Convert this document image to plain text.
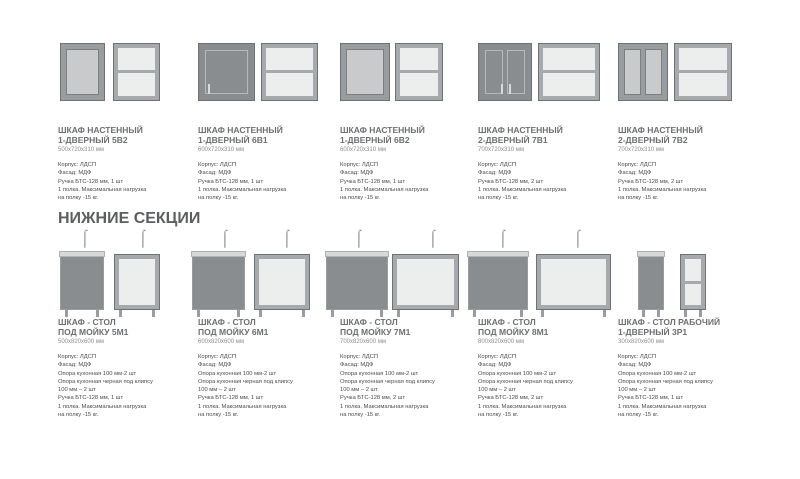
ШКАФ НАСТЕННЫЙ
1-ДВЕРНЫЙ 5В2
500х720х310 мм
Корпус: ЛДСП
Фасад: МДФ
Ручка БТС-128 мм, 1 шт
1 полка. Максимальная нагрузка
на полку -15 кг.
ШКАФ НАСТЕННЫЙ
1-ДВЕРНЫЙ 6В1
600х720х310 мм
Корпус: ЛДСП
Фасад: МДФ
Ручка БТС-128 мм, 1 шт
1 полка. Максимальная нагрузка
на полку -15 кг.
ШКАФ НАСТЕННЫЙ
1-ДВЕРНЫЙ 6В2
600х720х310 мм
Корпус: ЛДСП
Фасад: МДФ
Ручка БТС-128 мм, 1 шт
1 полка. Максимальная нагрузка
на полку -15 кг.
ШКАФ НАСТЕННЫЙ
2-ДВЕРНЫЙ 7В1
700х720х310 мм
Корпус: ЛДСП
Фасад: МДФ
Ручка БТС-128 мм, 2 шт
1 полка. Максимальная нагрузка
на полку -15 кг.
ШКАФ НАСТЕННЫЙ
2-ДВЕРНЫЙ 7В2
700х720х310 мм
Корпус: ЛДСП
Фасад: МДФ
Ручка БТС-128 мм, 2 шт
1 полка. Максимальная нагрузка
на полку -15 кг.
НИЖНИЕ СЕКЦИИ
⌠	⌠
ШКАФ - СТОЛ
ПОД МОЙКУ 5М1
500х820х600 мм
Корпус: ЛДСП
Фасад: МДФ
Опора кухонная 100 мм-2 шт
Опора кухонная черная под клипсу
100 мм – 2 шт
Ручка БТС-128 мм, 1 шт
1 полка. Максимальная нагрузка
на полку -15 кг.
⌠	⌠
ШКАФ - СТОЛ
ПОД МОЙКУ 6М1
600х820х600 мм
Корпус: ЛДСП
Фасад: МДФ
Опора кухонная 100 мм-2 шт
Опора кухонная черная под клипсу
100 мм – 2 шт
Ручка БТС-128 мм, 1 шт
1 полка. Максимальная нагрузка
на полку -15 кг.
⌠	⌠
ШКАФ - СТОЛ
ПОД МОЙКУ 7М1
700х820х600 мм
Корпус: ЛДСП
Фасад: МДФ
Опора кухонная 100 мм-2 шт
Опора кухонная черная под клипсу
100 мм – 2 шт
Ручка БТС-128 мм, 2 шт
1 полка. Максимальная нагрузка
на полку -15 кг.
⌠	⌠
ШКАФ - СТОЛ
ПОД МОЙКУ 8М1
800х820х600 мм
Корпус: ЛДСП
Фасад: МДФ
Опора кухонная 100 мм-2 шт
Опора кухонная черная под клипсу
100 мм – 2 шт
Ручка БТС-128 мм, 2 шт
1 полка. Максимальная нагрузка
на полку -15 кг.
ШКАФ - СТОЛ РАБОЧИЙ
1-ДВЕРНЫЙ 3Р1
300х820х600 мм
Корпус: ЛДСП
Фасад: МДФ
Опора кухонная 100 мм-2 шт
Опора кухонная черная под клипсу
100 мм – 2 шт
Ручка БТС-128 мм, 1 шт
1 полка. Максимальная нагрузка
на полку -15 кг.
